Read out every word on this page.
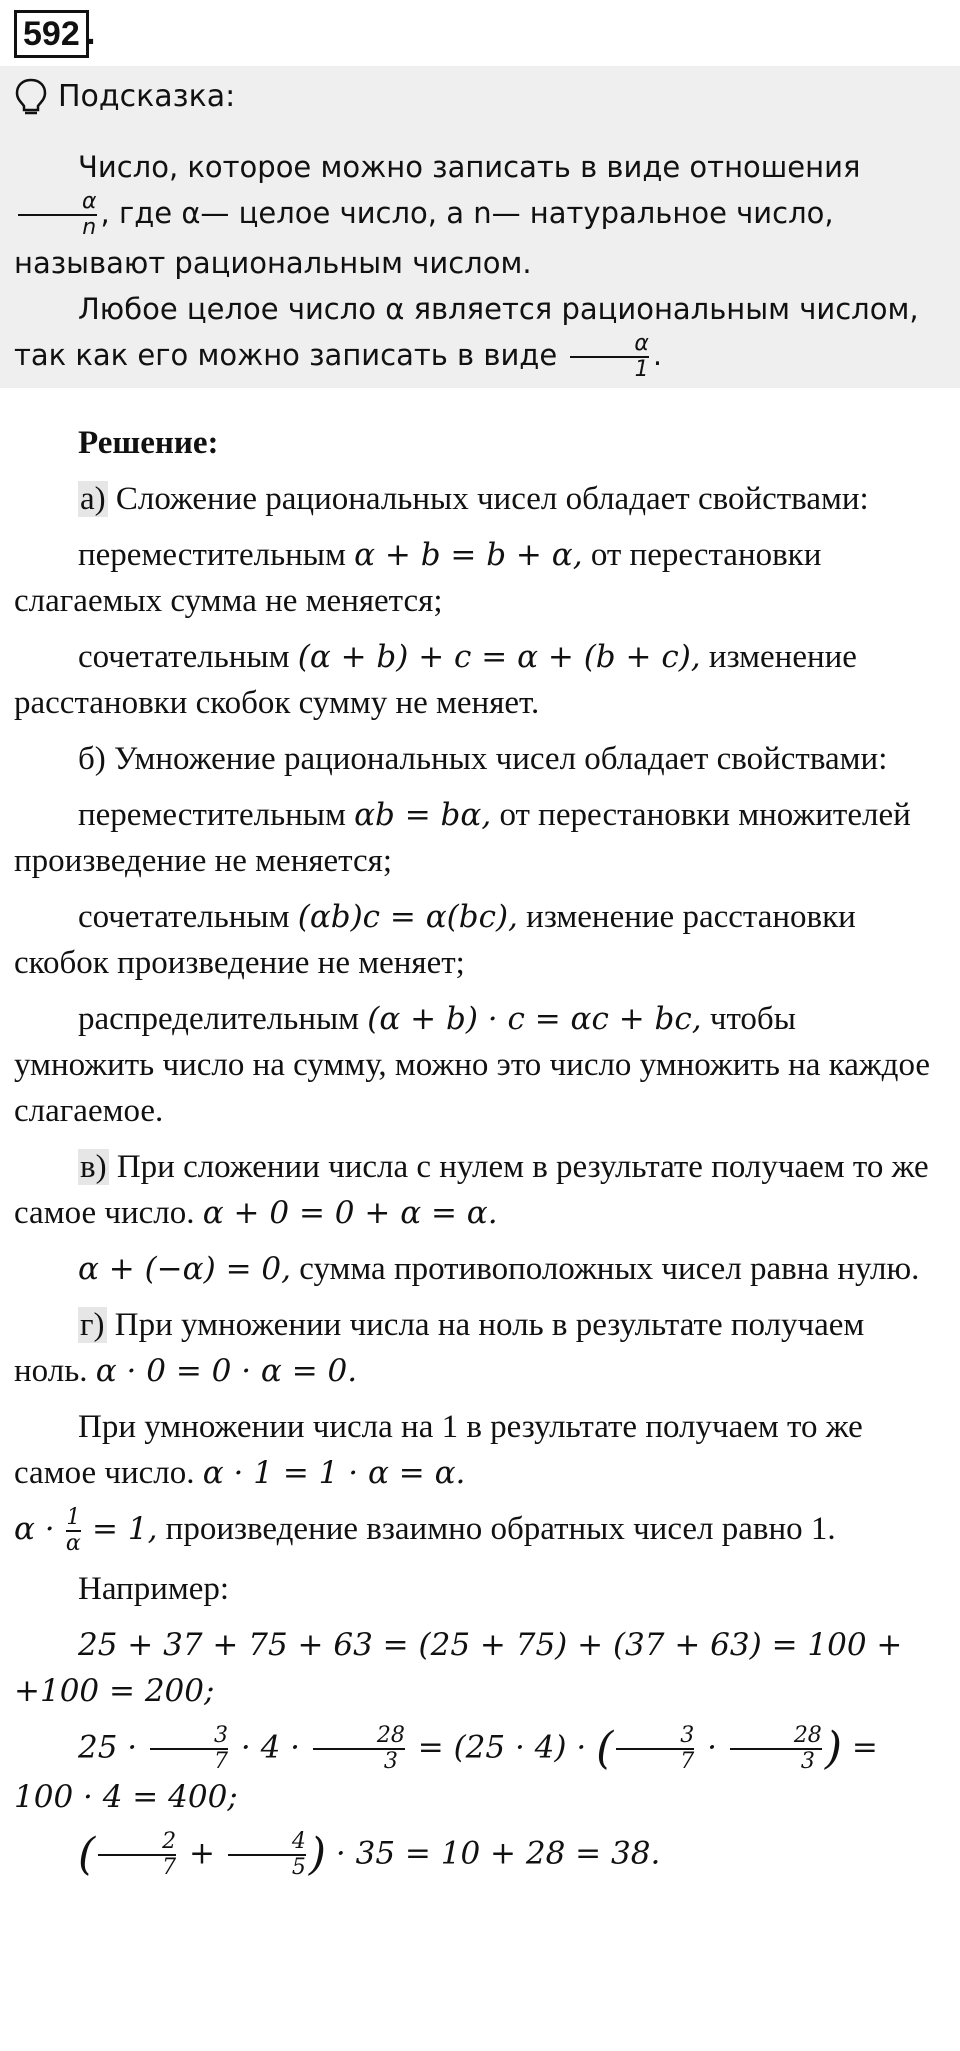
592 .
Подсказка:

Число, которое можно записать в виде отношения
$\frac{\alpha}{n}$ , где α— целое число, а n— натуральное число, называют рациональным числом.

Любое целое число α является рациональным числом, так как его можно записать в виде $\frac{\alpha}{1}$ .

Решение:

а) Сложение рациональных чисел обладает свойствами:

переместительным α + b = b + α, от перестановки слагаемых сумма не меняется;

сочетательным (α + b) + c = α + (b + c), изменение расстановки скобок сумму не меняет.

б) Умножение рациональных чисел обладает свойствами:

переместительным αb = bα, от перестановки множителей произведение не меняется;

сочетательным (αb)c = α(bc), изменение расстановки скобок произведение не меняет;

распределительным (α + b) · c = αc + bc, чтобы умножить число на сумму, можно это число умножить на каждое слагаемое.

в) При сложении числа с нулем в результате получаем то же самое число. α + 0 = 0 + α = α.

α + (−α) = 0, сумма противоположных чисел равна нулю.

г) При умножении числа на ноль в результате получаем ноль. α · 0 = 0 · α = 0.

При умножении числа на 1 в результате получаем то же самое число. α · 1 = 1 · α = α.

$\alpha \cdot \frac{1}{\alpha} = 1$, произведение взаимно обратных чисел равно 1.

Например:

25 + 37 + 75 + 63 = (25 + 75) + (37 + 63) = 100 + +100 = 200;

$25 \cdot \frac{3}{7} \cdot 4 \cdot \frac{28}{3} = (25 \cdot 4)$ · ( $\frac{3}{7} \cdot \frac{28}{3}$ ) = 100 · 4 = 400;

( $\frac{2}{7} + \frac{4}{5}$ ) · 35 = 10 + 28 = 38.
